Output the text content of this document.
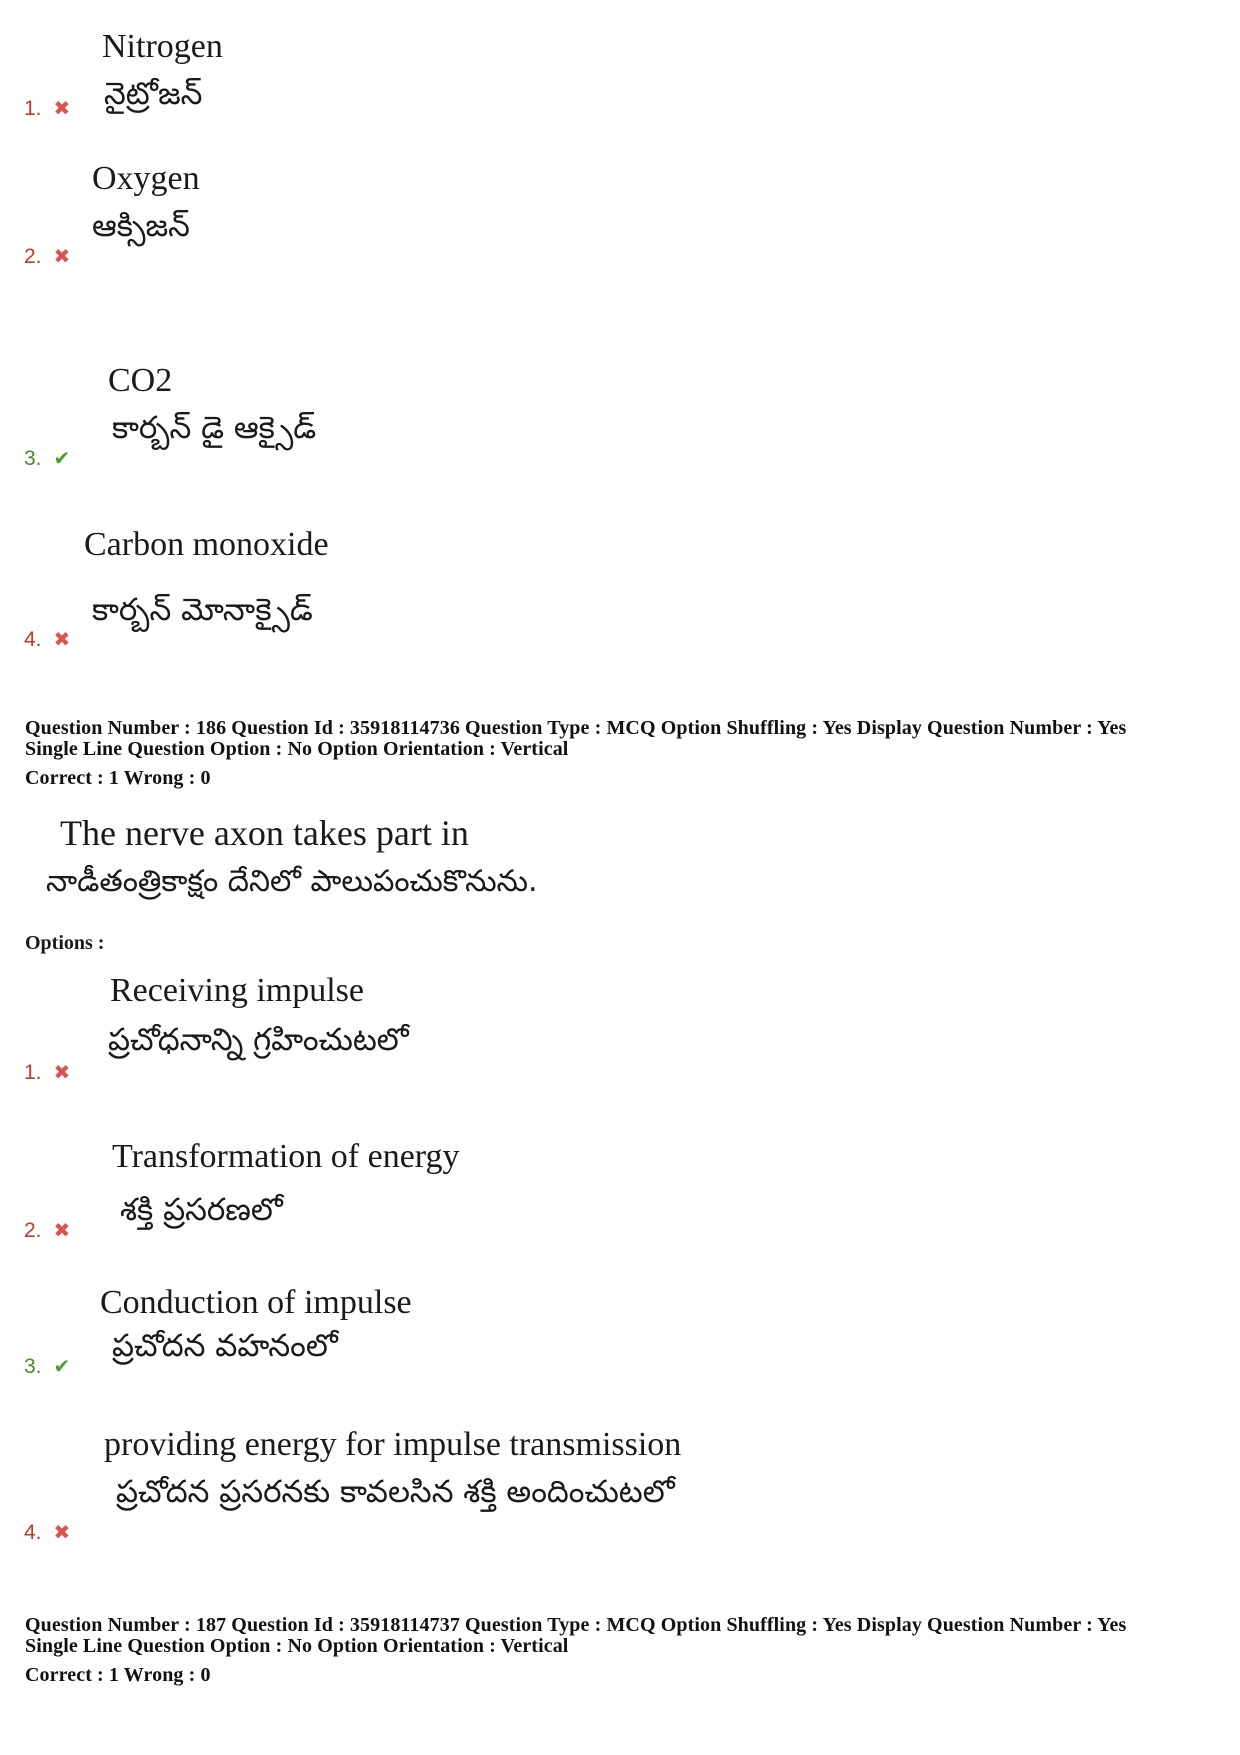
Nitrogen
నైట్రోజన్
1. ✖
Oxygen
ఆక్సిజన్
2. ✖
CO2
కార్బన్ డై ఆక్సైడ్
3. ✔
Carbon monoxide
కార్బన్ మోనాక్సైడ్
4. ✖
Question Number : 186 Question Id : 35918114736 Question Type : MCQ Option Shuffling : Yes Display Question Number : Yes
Single Line Question Option : No Option Orientation : Vertical
Correct : 1 Wrong : 0
The nerve axon takes part in
నాడీతంత్రికాక్షం దేనిలో పాలుపంచుకొనును.
Options :
Receiving impulse
ప్రచోధనాన్ని గ్రహించుటలో
1. ✖
Transformation of energy
శక్తి ప్రసరణలో
2. ✖
Conduction of impulse
ప్రచోదన వహనంలో
3. ✔
providing energy for impulse transmission
ప్రచోదన ప్రసరనకు కావలసిన శక్తి అందించుటలో
4. ✖
Question Number : 187 Question Id : 35918114737 Question Type : MCQ Option Shuffling : Yes Display Question Number : Yes
Single Line Question Option : No Option Orientation : Vertical
Correct : 1 Wrong : 0
